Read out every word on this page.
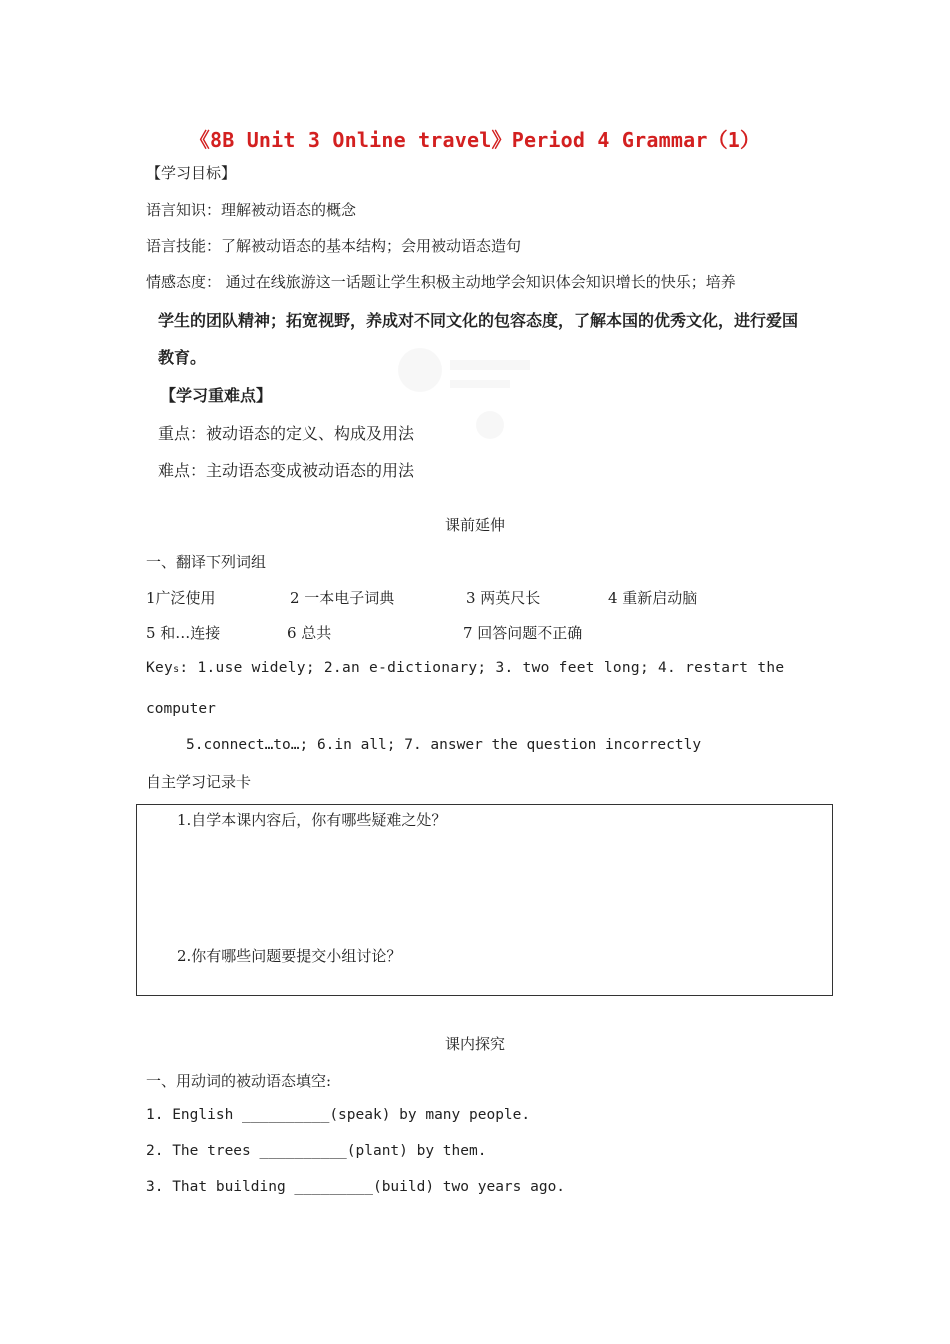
《8B Unit 3 Online travel》Period 4 Grammar（1）
【学习目标】
语言知识：理解被动语态的概念
语言技能：了解被动语态的基本结构；会用被动语态造句
情感态度： 通过在线旅游这一话题让学生积极主动地学会知识体会知识增长的快乐；培养
学生的团队精神；拓宽视野，养成对不同文化的包容态度，了解本国的优秀文化，进行爱国
教育。
【学习重难点】
重点：被动语态的定义、构成及用法
难点：主动语态变成被动语态的用法
课前延伸
一、翻译下列词组
1广泛使用	2 一本电子词典	3 两英尺长	4 重新启动脑
5 和…连接	6 总共	7 回答问题不正确
Keys: 1.use widely; 2.an e-dictionary; 3. two feet long; 4. restart the
computer
5.connect…to…; 6.in all; 7. answer the question incorrectly
自主学习记录卡
1.自学本课内容后，你有哪些疑难之处？
2.你有哪些问题要提交小组讨论？
课内探究
一、用动词的被动语态填空:
1. English __________(speak) by many people.
2. The trees __________(plant) by them.
3. That building _________(build) two years ago.
